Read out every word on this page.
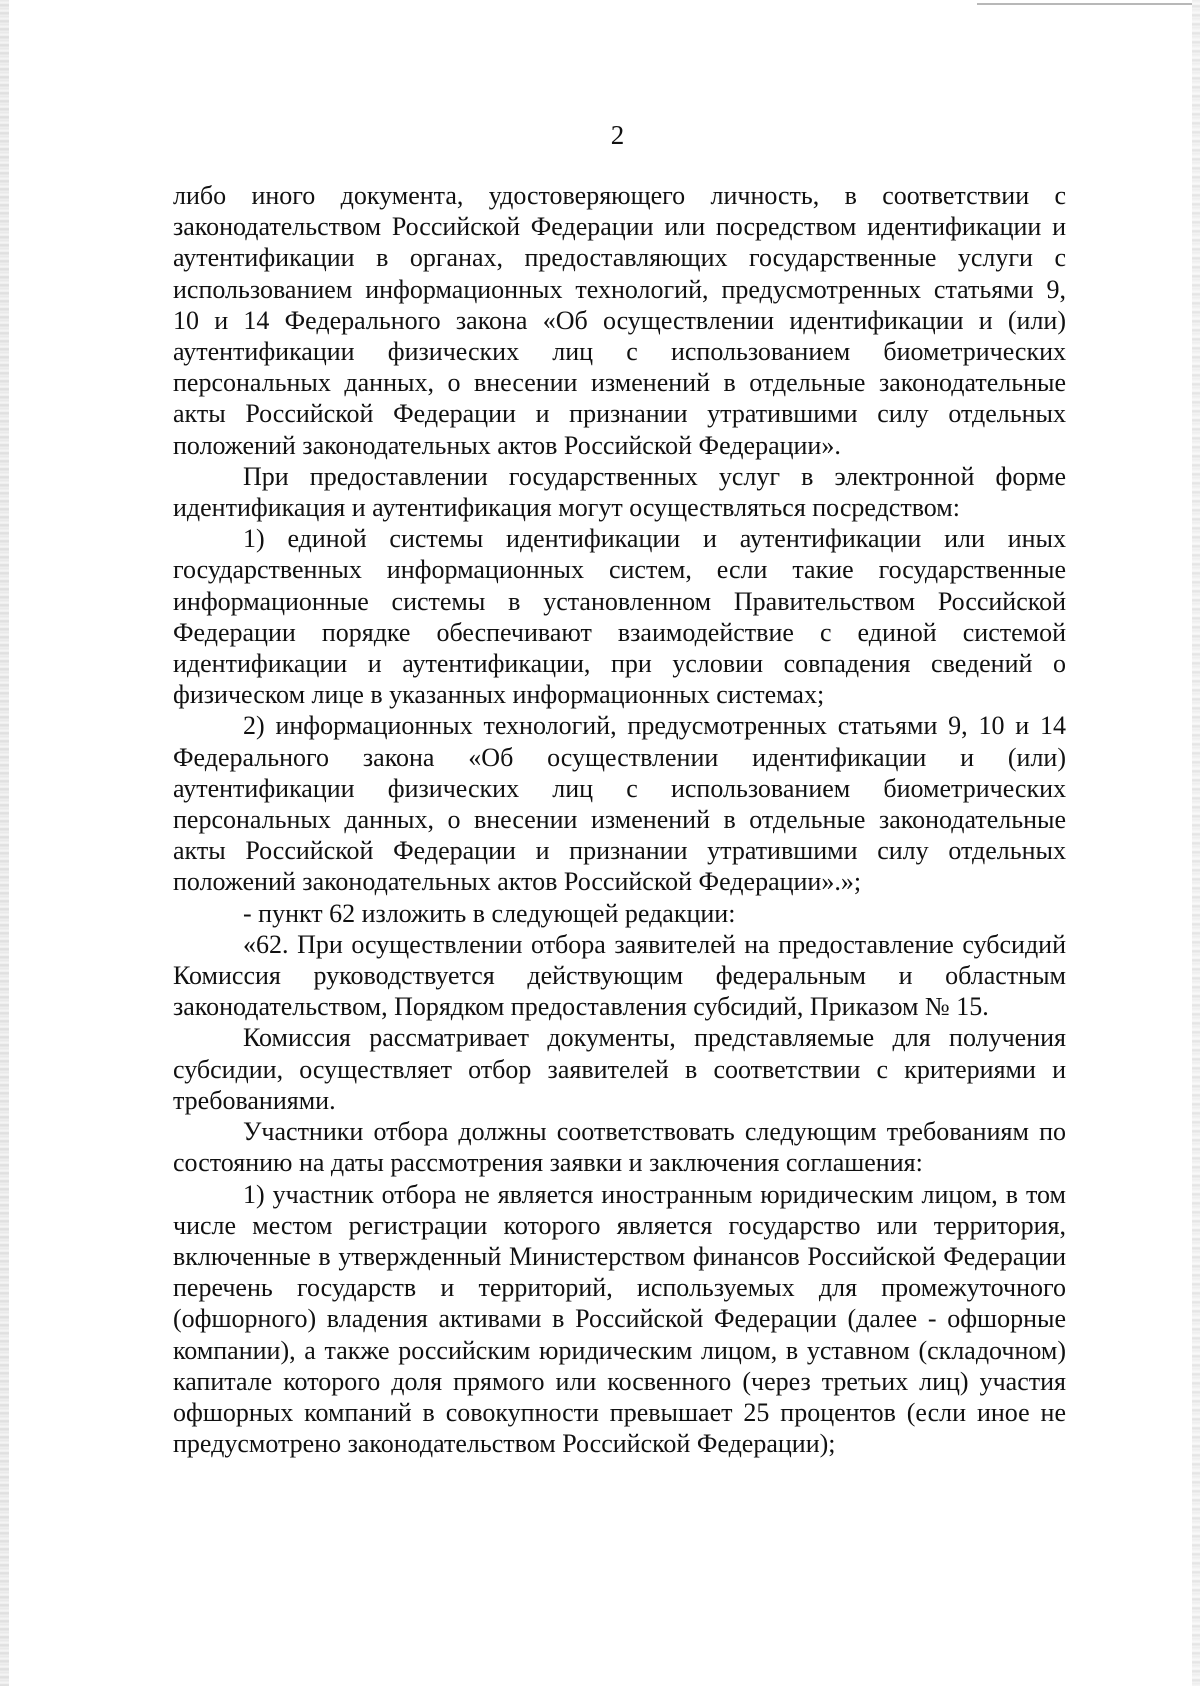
2

либо иного документа, удостоверяющего личность, в соответствии с законодательством Российской Федерации или посредством идентификации и аутентификации в органах, предоставляющих государственные услуги с использованием информационных технологий, предусмотренных статьями 9, 10 и 14 Федерального закона «Об осуществлении идентификации и (или) аутентификации физических лиц с использованием биометрических персональных данных, о внесении изменений в отдельные законодательные акты Российской Федерации и признании утратившими силу отдельных положений законодательных актов Российской Федерации».

При предоставлении государственных услуг в электронной форме идентификация и аутентификация могут осуществляться посредством:

1) единой системы идентификации и аутентификации или иных государственных информационных систем, если такие государственные информационные системы в установленном Правительством Российской Федерации порядке обеспечивают взаимодействие с единой системой идентификации и аутентификации, при условии совпадения сведений о физическом лице в указанных информационных системах;

2) информационных технологий, предусмотренных статьями 9, 10 и 14 Федерального закона «Об осуществлении идентификации и (или) аутентификации физических лиц с использованием биометрических персональных данных, о внесении изменений в отдельные законодательные акты Российской Федерации и признании утратившими силу отдельных положений законодательных актов Российской Федерации».»;

- пункт 62 изложить в следующей редакции:

«62. При осуществлении отбора заявителей на предоставление субсидий Комиссия руководствуется действующим федеральным и областным законодательством, Порядком предоставления субсидий, Приказом № 15.

Комиссия рассматривает документы, представляемые для получения субсидии, осуществляет отбор заявителей в соответствии с критериями и требованиями.

Участники отбора должны соответствовать следующим требованиям по состоянию на даты рассмотрения заявки и заключения соглашения:

1) участник отбора не является иностранным юридическим лицом, в том числе местом регистрации которого является государство или территория, включенные в утвержденный Министерством финансов Российской Федерации перечень государств и территорий, используемых для промежуточного (офшорного) владения активами в Российской Федерации (далее - офшорные компании), а также российским юридическим лицом, в уставном (складочном) капитале которого доля прямого или косвенного (через третьих лиц) участия офшорных компаний в совокупности превышает 25 процентов (если иное не предусмотрено законодательством Российской Федерации);
